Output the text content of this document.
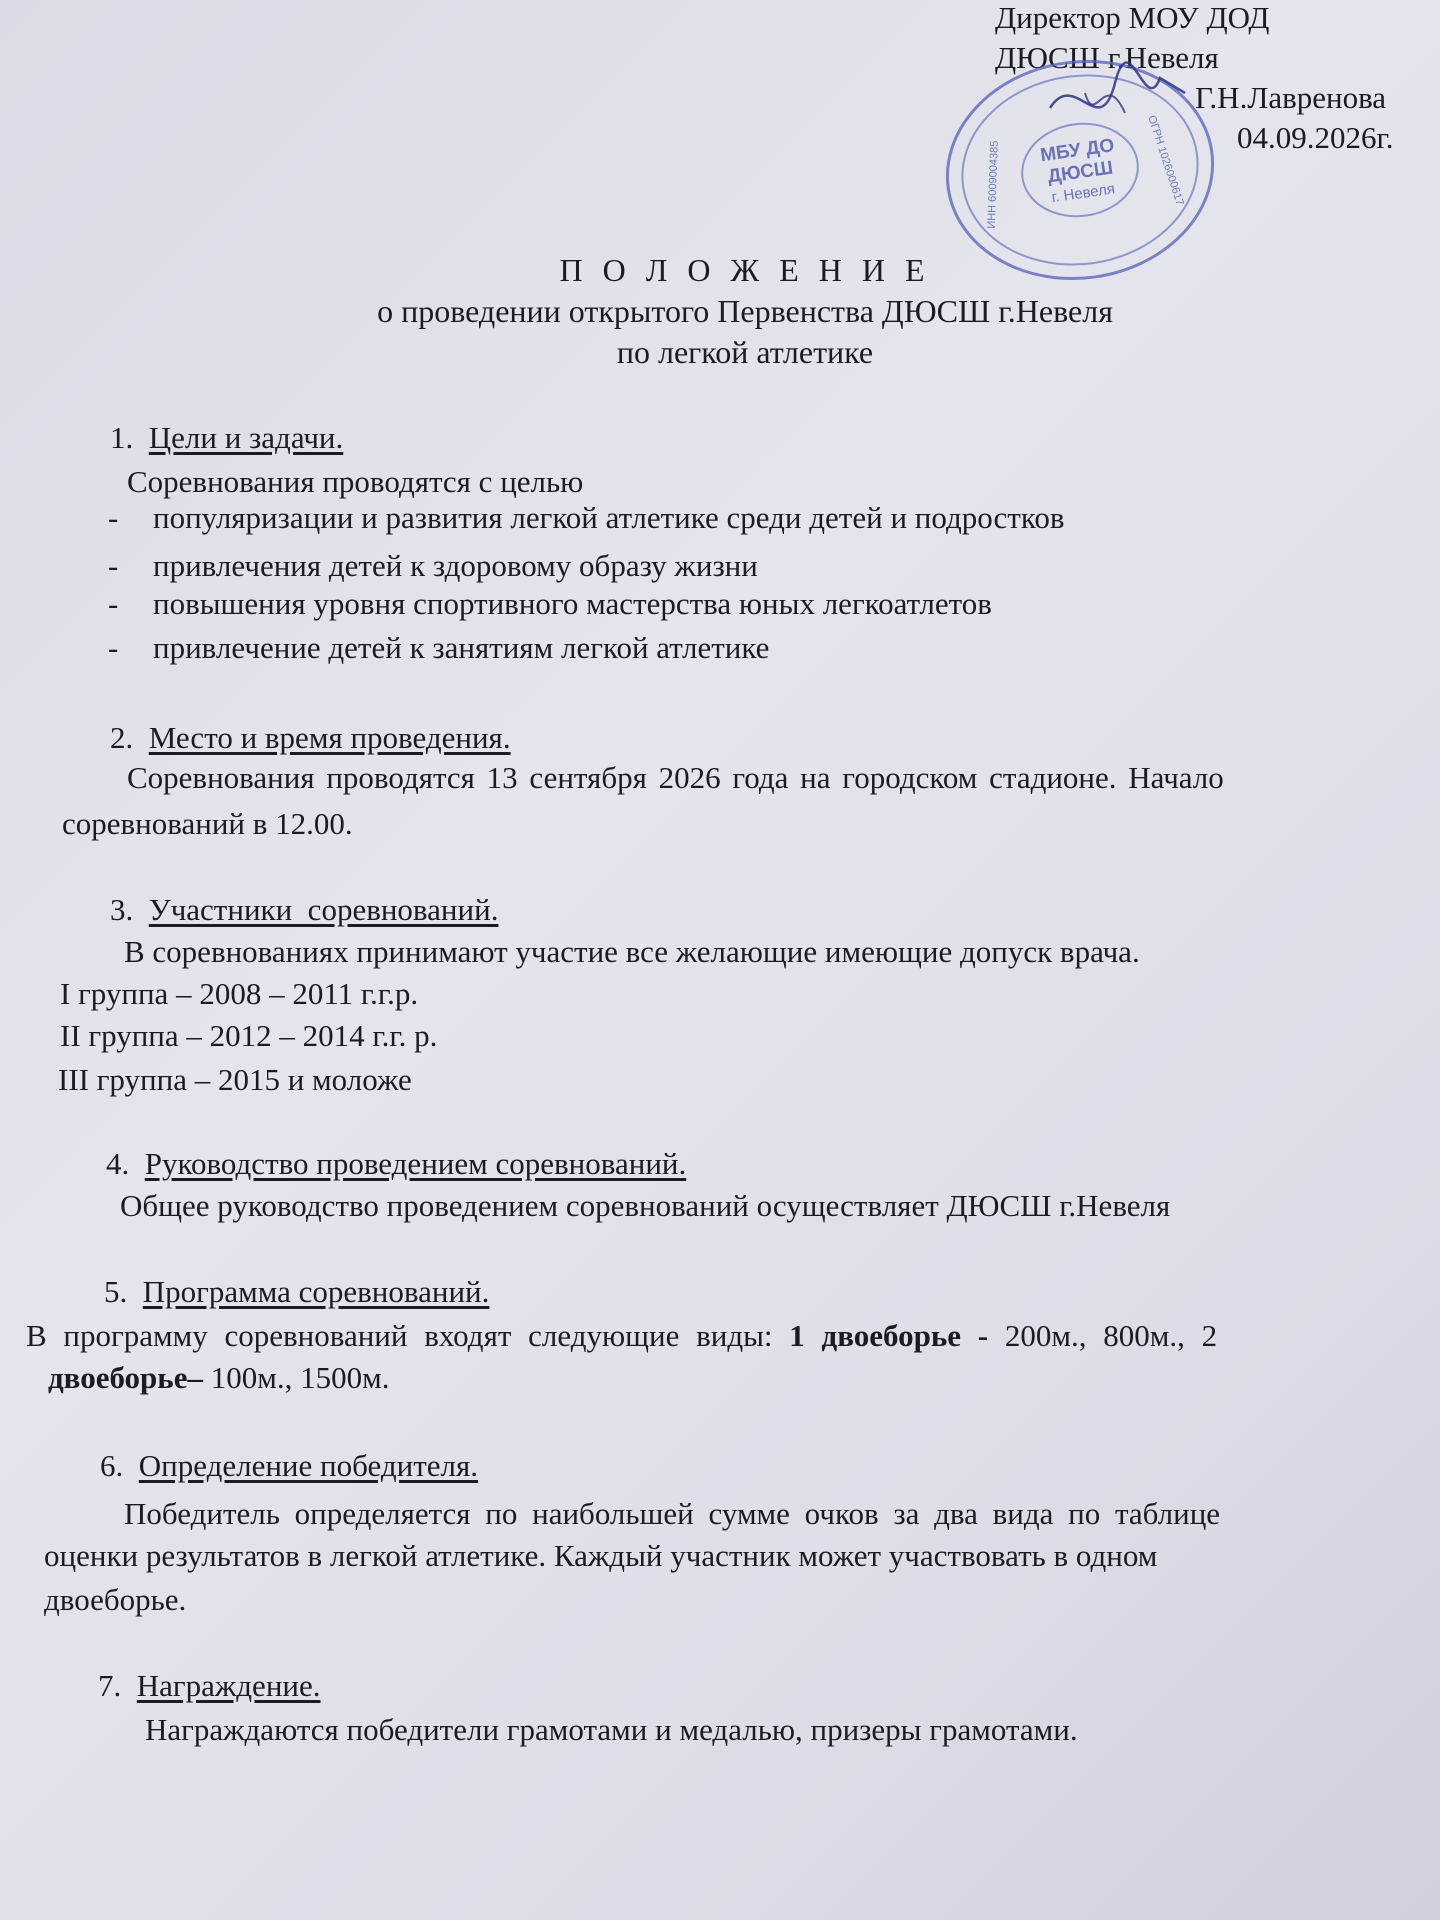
Директор МОУ ДОД
ДЮСШ г.Невеля
Г.Н.Лавренова
04.09.2026г.
МБУ ДО
ДЮСШ
г. Невеля
ИНН 6009004385	ОГРН 1026000617
П О Л О Ж Е Н И Е
о проведении открытого Первенства ДЮСШ г.Невеля
по легкой атлетике
1. Цели и задачи.
Соревнования проводятся с целью
- популяризации и развития легкой атлетике среди детей и подростков
- привлечения детей к здоровому образу жизни
- повышения уровня спортивного мастерства юных легкоатлетов
- привлечение детей к занятиям легкой атлетике
2. Место и время проведения.
Соревнования проводятся 13 сентября 2026 года на городском стадионе. Начало
соревнований в 12.00.
3. Участники  соревнований.
В соревнованиях принимают участие все желающие имеющие допуск врача.
I группа – 2008 – 2011 г.г.р.
II группа – 2012 – 2014 г.г. р.
III группа – 2015 и моложе
4. Руководство проведением соревнований.
Общее руководство проведением соревнований осуществляет ДЮСШ г.Невеля
5. Программа соревнований.
В программу соревнований входят следующие виды: 1 двоеборье - 200м., 800м., 2
двоеборье– 100м., 1500м.
6. Определение победителя.
Победитель определяется по наибольшей сумме очков за два вида по таблице
оценки результатов в легкой атлетике. Каждый участник может участвовать в одном
двоеборье.
7. Награждение.
Награждаются победители грамотами и медалью, призеры грамотами.
